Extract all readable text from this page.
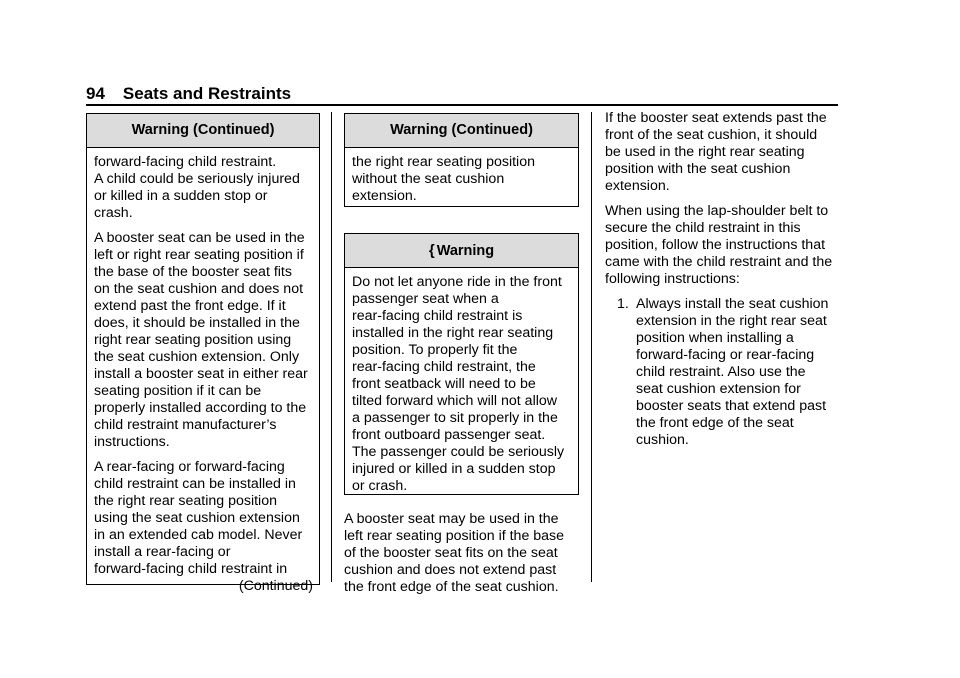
94 Seats and Restraints
Warning (Continued)

forward-facing child restraint.
A child could be seriously injured
or killed in a sudden stop or
crash.

A booster seat can be used in the
left or right rear seating position if
the base of the booster seat fits
on the seat cushion and does not
extend past the front edge. If it
does, it should be installed in the
right rear seating position using
the seat cushion extension. Only
install a booster seat in either rear
seating position if it can be
properly installed according to the
child restraint manufacturer’s
instructions.

A rear-facing or forward-facing
child restraint can be installed in
the right rear seating position
using the seat cushion extension
in an extended cab model. Never
install a rear-facing or
forward-facing child restraint in

(Continued)

Warning (Continued)

the right rear seating position
without the seat cushion
extension.

{ Warning

Do not let anyone ride in the front
passenger seat when a
rear-facing child restraint is
installed in the right rear seating
position. To properly fit the
rear-facing child restraint, the
front seatback will need to be
tilted forward which will not allow
a passenger to sit properly in the
front outboard passenger seat.
The passenger could be seriously
injured or killed in a sudden stop
or crash.

A booster seat may be used in the
left rear seating position if the base
of the booster seat fits on the seat
cushion and does not extend past
the front edge of the seat cushion.

If the booster seat extends past the
front of the seat cushion, it should
be used in the right rear seating
position with the seat cushion
extension.

When using the lap-shoulder belt to
secure the child restraint in this
position, follow the instructions that
came with the child restraint and the
following instructions:

1. Always install the seat cushion
extension in the right rear seat
position when installing a
forward-facing or rear-facing
child restraint. Also use the
seat cushion extension for
booster seats that extend past
the front edge of the seat
cushion.
